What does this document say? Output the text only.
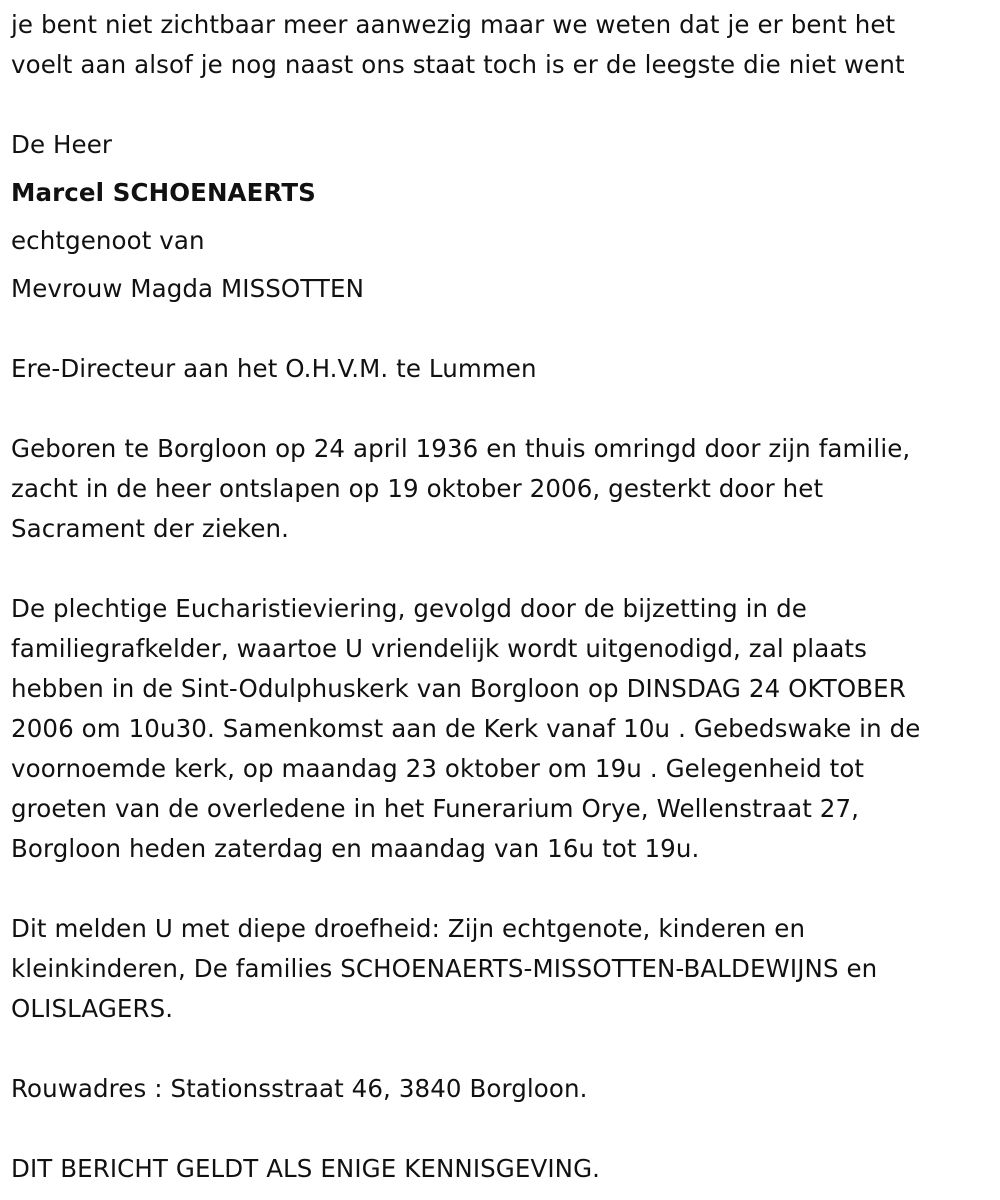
je bent niet zichtbaar meer aanwezig maar we weten dat je er bent het

voelt aan alsof je nog naast ons staat toch is er de leegste die niet went

De Heer

Marcel SCHOENAERTS

echtgenoot van

Mevrouw Magda MISSOTTEN

Ere-Directeur aan het O.H.V.M. te Lummen

Geboren te Borgloon op 24 april 1936 en thuis omringd door zijn familie,

zacht in de heer ontslapen op 19 oktober 2006, gesterkt door het

Sacrament der zieken.

De plechtige Eucharistieviering, gevolgd door de bijzetting in de

familiegrafkelder, waartoe U vriendelijk wordt uitgenodigd, zal plaats

hebben in de Sint-Odulphuskerk van Borgloon op DINSDAG 24 OKTOBER

2006 om 10u30. Samenkomst aan de Kerk vanaf 10u . Gebedswake in de

voornoemde kerk, op maandag 23 oktober om 19u . Gelegenheid tot

groeten van de overledene in het Funerarium Orye, Wellenstraat 27,

Borgloon heden zaterdag en maandag van 16u tot 19u.

Dit melden U met diepe droefheid: Zijn echtgenote, kinderen en

kleinkinderen, De families SCHOENAERTS-MISSOTTEN-BALDEWIJNS en

OLISLAGERS.

Rouwadres : Stationsstraat 46, 3840 Borgloon.

DIT BERICHT GELDT ALS ENIGE KENNISGEVING.
